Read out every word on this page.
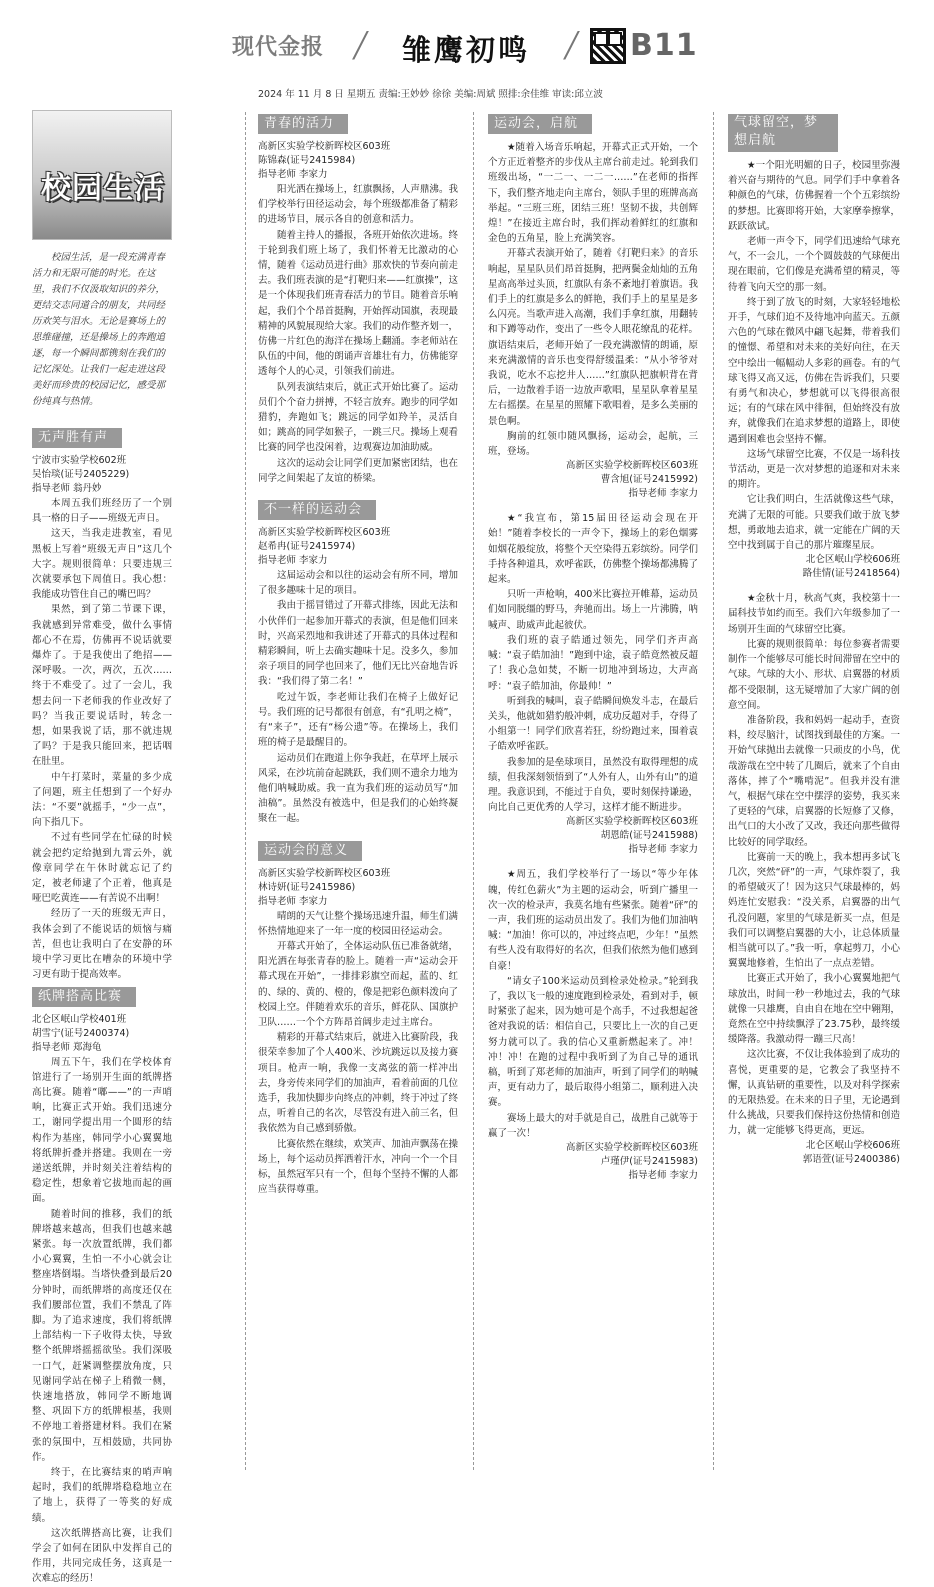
现代金报 / 雏鹰初鸣 / B11
2024 年 11 月 8 日 星期五 责编:王妙妙 徐徐 美编:周斌 照排:余佳维 审读:邱立波
校园生活
校园生活，是一段充满青春活力和无限可能的时光。在这里，我们不仅汲取知识的养分，更结交志同道合的朋友，共同经历欢笑与泪水。无论是赛场上的思维碰撞，还是操场上的奔跑追逐，每一个瞬间都镌刻在我们的记忆深处。让我们一起走进这段美好而珍贵的校园记忆，感受那份纯真与热情。
无声胜有声
宁波市实验学校602班
吴怡琰(证号2405229)
指导老师 翁丹妙
本周五我们班经历了一个别具一格的日子——班级无声日。
这天，当我走进教室，看见黑板上写着“班级无声日”这几个大字。规则很简单：只要违规三次就要承包下周值日。我心想：我能成功管住自己的嘴巴吗？
果然，到了第二节课下课，我就感到异常难受，做什么事情都心不在焉，仿佛再不说话就要爆炸了。于是我使出了绝招——深呼吸。一次，两次，五次……终于不难受了。过了一会儿，我想去问一下老师我的作业改好了吗？当我正要说话时，转念一想，如果我说了话，那不就违规了吗？于是我只能回来，把话咽在肚里。
中午打菜时，菜量的多少成了问题，班主任想到了一个好办法：“不要”就摇手，“少一点”，向下指几下。
不过有些同学在忙碌的时候就会把约定给抛到九霄云外，就像章同学在午休时就忘记了约定，被老师逮了个正着，他真是哑巴吃黄连——有苦说不出啊！
经历了一天的班级无声日，我体会到了不能说话的烦恼与痛苦，但也让我明白了在安静的环境中学习更比在嘈杂的环境中学习更有助于提高效率。
纸牌搭高比赛
北仑区岷山学校401班
胡雪宁(证号2400374)
指导老师 郑海龟
周五下午，我们在学校体育馆进行了一场别开生面的纸牌搭高比赛。随着“嘟——”的一声哨响，比赛正式开始。我们迅速分工，谢同学提出用一个圆形的结构作为基座，韩同学小心翼翼地将纸牌折叠并搭建。我则在一旁递送纸牌，并时刻关注着结构的稳定性，想象着它拔地而起的画面。
随着时间的推移，我们的纸牌塔越来越高，但我们也越来越紧张。每一次放置纸牌，我们都小心翼翼，生怕一不小心就会让整座塔倒塌。当塔快叠到最后20分钟时，而纸牌塔的高度还仅在我们腰部位置，我们不禁乱了阵脚。为了追求速度，我们将纸牌上部结构一下子收得太快，导致整个纸牌塔摇摇欲坠。我们深吸一口气，赶紧调整摆放角度，只见谢同学站在梯子上稍微一侧，快速地搭放，韩同学不断地调整、巩固下方的纸牌根基，我则不停地工着搭建材料。我们在紧张的氛围中，互相鼓励，共同协作。
终于，在比赛结束的哨声响起时，我们的纸牌塔稳稳地立在了地上，获得了一等奖的好成绩。
这次纸牌搭高比赛，让我们学会了如何在团队中发挥自己的作用，共同完成任务，这真是一次难忘的经历！
青春的活力
高新区实验学校新晖校区603班
陈锦森(证号2415984)
指导老师 李家力
阳光洒在操场上，红旗飘扬，人声鼎沸。我们学校举行田径运动会，每个班级都准备了精彩的进场节目，展示各自的创意和活力。
随着主持人的播报，各班开始依次进场。终于轮到我们班上场了，我们怀着无比激动的心情，随着《运动员进行曲》那欢快的节奏向前走去。我们班表演的是“打靶归来——红旗操”，这是一个体现我们班青春活力的节目。随着音乐响起，我们个个昂首挺胸，开始挥动国旗，表现最精神的风貌展现给大家。我们的动作整齐划一，仿佛一片红色的海洋在操场上翻涌。李老师站在队伍的中间，他的朗诵声音雄壮有力，仿佛能穿透每个人的心灵，引领我们前进。
队列表演结束后，就正式开始比赛了。运动员们个个奋力拼搏，不轻言放弃。跑步的同学如猎豹，奔跑如飞；跳远的同学如羚羊，灵活自如；跳高的同学如猴子，一跳三尺。操场上观看比赛的同学也没闲着，边观赛边加油助威。
这次的运动会让同学们更加紧密团结，也在同学之间架起了友谊的桥梁。
不一样的运动会
高新区实验学校新晖校区603班
赵希冉(证号2415974)
指导老师 李家力
这届运动会和以往的运动会有所不同，增加了很多趣味十足的项目。
我由于摇冒错过了开幕式排练，因此无法和小伙伴们一起参加开幕式的表演，但是他们回来时，兴高采烈地和我讲述了开幕式的具体过程和精彩瞬间，听上去确实趣味十足。没多久，参加亲子项目的同学也回来了，他们无比兴奋地告诉我：“我们得了第二名！”
吃过午饭，李老师让我们在椅子上做好记号。我们班的记号都很有创意，有“孔明之椅”，有“来子”，还有“杨公遗”等。在操场上，我们班的椅子是最醒目的。
运动员们在跑道上你争我赶，在草坪上展示风采，在沙坑前奋起跳跃，我们则不遗余力地为他们呐喊助威。我一直为我们班的运动员写“加油稿”。虽然没有被选中，但是我们的心始终凝聚在一起。
运动会的意义
高新区实验学校新晖校区603班
林诗妍(证号2415986)
指导老师 李家力
晴朗的天气让整个操场迅速升温，师生们满怀热情地迎来了一年一度的校园田径运动会。
开幕式开始了，全体运动队伍已准备就绪，阳光洒在每张青春的脸上。随着一声“运动会开幕式现在开始”，一排排彩旗空而起，蓝的、红的、绿的、黄的、橙的，像是把彩色颜料泼向了校园上空。伴随着欢乐的音乐，鲜花队、国旗护卫队……一个个方阵昂首阔步走过主席台。
精彩的开幕式结束后，就进入比赛阶段，我很荣幸参加了个人400米、沙坑跳远以及接力赛项目。枪声一响，我像一支离弦的箭一样冲出去，身旁传来同学们的加油声，看着前面的几位选手，我加快脚步向终点的冲刺，终于冲过了终点，听着自己的名次，尽管没有进入前三名，但我依然为自己感到骄傲。
比赛依然在继续，欢笑声、加油声飘荡在操场上，每个运动员挥洒着汗水，冲向一个一个目标，虽然冠军只有一个，但每个坚持不懈的人都应当获得尊重。
运动会，启航
★随着入场音乐响起，开幕式正式开始，一个个方正近着整齐的步伐从主席台前走过。轮到我们班级出场，“一二一、一二一……”在老师的指挥下，我们整齐地走向主席台，领队手里的班牌高高举起。“三班三班，团结三班！坚韧不拔，共创辉煌！”在接近主席台时，我们挥动着鲜红的红旗和金色的五角星，脸上充满笑容。
开幕式表演开始了，随着《打靶归来》的音乐响起，星星队员们昂首挺胸，把两鬓金灿灿的五角星高高举过头顶，红旗队有条不紊地打着旗语。我们手上的红旗是多么的鲜艳，我们手上的星星是多么闪亮。当歌声进入高潮，我们手拿红旗，用翻转和下蹲等动作，变出了一些令人眼花缭乱的花样。旗语结束后，老师开始了一段充满激情的朗诵，原来充满激情的音乐也变得舒缓温柔：“从小爷爷对我说，吃水不忘挖井人……”红旗队把旗帜背在背后，一边散着手语一边放声歌唱，星星队拿着星星左右摇摆。在星星的照耀下歌唱着，是多么美丽的景色啊。
胸前的红领巾随风飘扬，运动会，起航，三班，登场。
高新区实验学校新晖校区603班
曹含旭(证号2415992)
指导老师 李家力
★“我宣布，第15届田径运动会现在开始！”随着李校长的一声令下，操场上的彩色烟雾如烟花般绽放，将整个天空染得五彩缤纷。同学们手持各种道具，欢呼雀跃，仿佛整个操场都沸腾了起来。
只听一声枪响，400米比赛拉开帷幕，运动员们如同脱缰的野马，奔驰而出。场上一片沸腾，呐喊声、助威声此起彼伏。
我们班的袁子皓通过领先，同学们齐声高喊：“袁子皓加油！”跑到中途，袁子皓竟然被反超了！我心急如焚，不断一切地冲到场边，大声高呼：“袁子皓加油，你最帅！”
听到我的喊叫，袁子皓瞬间焕发斗志，在最后关头，他就如猎豹般冲刺，成功反超对手，夺得了小组第一！同学们欣喜若狂，纷纷跑过来，围着袁子皓欢呼雀跃。
我参加的是垒球项目，虽然没有取得理想的成绩，但我深刻领悟到了“人外有人，山外有山”的道理。我意识到，不能过于自负，要时刻保持谦逊，向比自己更优秀的人学习，这样才能不断进步。
高新区实验学校新晖校区603班
胡恩皓(证号2415988)
指导老师 李家力
★周五，我们学校举行了一场以“等少年体魄，传红色薪火”为主题的运动会，听到广播里一次一次的检录声，我莫名地有些紧张。随着“砰”的一声，我们班的运动员出发了。我们为他们加油呐喊：“加油！你可以的，冲过终点吧，少年！”虽然有些人没有取得好的名次，但我们依然为他们感到自豪！
“请女子100米运动员到检录处检录。”轮到我了，我以飞一般的速度跑到检录处，看到对手，顿时紧张了起来，因为她可是个高手，不过我想起爸爸对我说的话：相信自己，只要比上一次的自己更努力就可以了。我的信心又重新燃起来了。冲！冲！冲！在跑的过程中我听到了为自己导的通讯稿，听到了郑老师的加油声，听到了同学们的呐喊声，更有动力了，最后取得小组第二，顺利进入决赛。
赛场上最大的对手就是自己，战胜自己就等于赢了一次！
高新区实验学校新晖校区603班
卢瑾伊(证号2415983)
指导老师 李家力
气球留空，梦想启航
★一个阳光明媚的日子，校园里弥漫着兴奋与期待的气息。同学们手中拿着各种颜色的气球，仿佛握着一个个五彩缤纷的梦想。比赛即将开始，大家摩拳擦掌，跃跃欲试。
老师一声令下，同学们迅速给气球充气，不一会儿，一个个圆鼓鼓的气球便出现在眼前，它们像是充满希望的精灵，等待着飞向天空的那一刻。
终于到了放飞的时刻，大家轻轻地松开手，气球们迫不及待地冲向蓝天。五颜六色的气球在微风中翩飞起舞，带着我们的憧憬、希望和对未来的美好向往，在天空中绘出一幅幅动人多彩的画卷。有的气球飞得又高又远，仿佛在告诉我们，只要有勇气和决心，梦想就可以飞得很高很远；有的气球在风中徘徊，但始终没有放弃，就像我们在追求梦想的道路上，即使遇到困难也会坚持不懈。
这场气球留空比赛，不仅是一场科技节活动，更是一次对梦想的追逐和对未来的期许。
它让我们明白，生活就像这些气球，充满了无限的可能。只要我们敢于放飞梦想，勇敢地去追求，就一定能在广阔的天空中找到属于自己的那片璀璨星辰。
北仑区岷山学校606班
路佳情(证号2418564)
★金秋十月，秋高气爽，我校第十一届科技节如约而至。我们六年级参加了一场别开生面的气球留空比赛。
比赛的规则很简单：每位参赛者需要制作一个能够尽可能长时间滞留在空中的气球。气球的大小、形状、启翼器的材质都不受限制，这无疑增加了大家广阔的创意空间。
准备阶段，我和妈妈一起动手，查资料，绞尽脑汁，试图找到最佳的方案。一开始气球抛出去就像一只顽皮的小鸟，优哉游哉在空中转了几圈后，就来了个自由落体，摔了个“嘴啃泥”。但我并没有泄气，根据气球在空中摆浮的姿势，我买来了更轻的气球，启翼器的长短修了又修，出气口的大小改了又改，我还向那些做得比较好的同学取经。
比赛前一天的晚上，我本想再多试飞几次，突然“砰”的一声，气球炸裂了，我的希望破灭了！因为这只气球最棒的，妈妈连忙安慰我：“没关系，启翼器的出气孔没问题，家里的气球是新买一点，但是我们可以调整启翼器的大小，让总体质量相当就可以了。”我一听，拿起剪刀，小心翼翼地修着，生怕出了一点点差错。
比赛正式开始了，我小心翼翼地把气球放出，时间一秒一秒地过去，我的气球就像一只雄鹰，自由自在地在空中翱翔，竟然在空中持续飘浮了23.75秒，最终缓缓降落。我激动得一蹦三尺高！
这次比赛，不仅让我体验到了成功的喜悦，更重要的是，它教会了我坚持不懈，认真钻研的重要性，以及对科学探索的无限热爱。在未来的日子里，无论遇到什么挑战，只要我们保持这份热情和创造力，就一定能够飞得更高，更远。
北仑区岷山学校606班
郭语萱(证号2400386)
